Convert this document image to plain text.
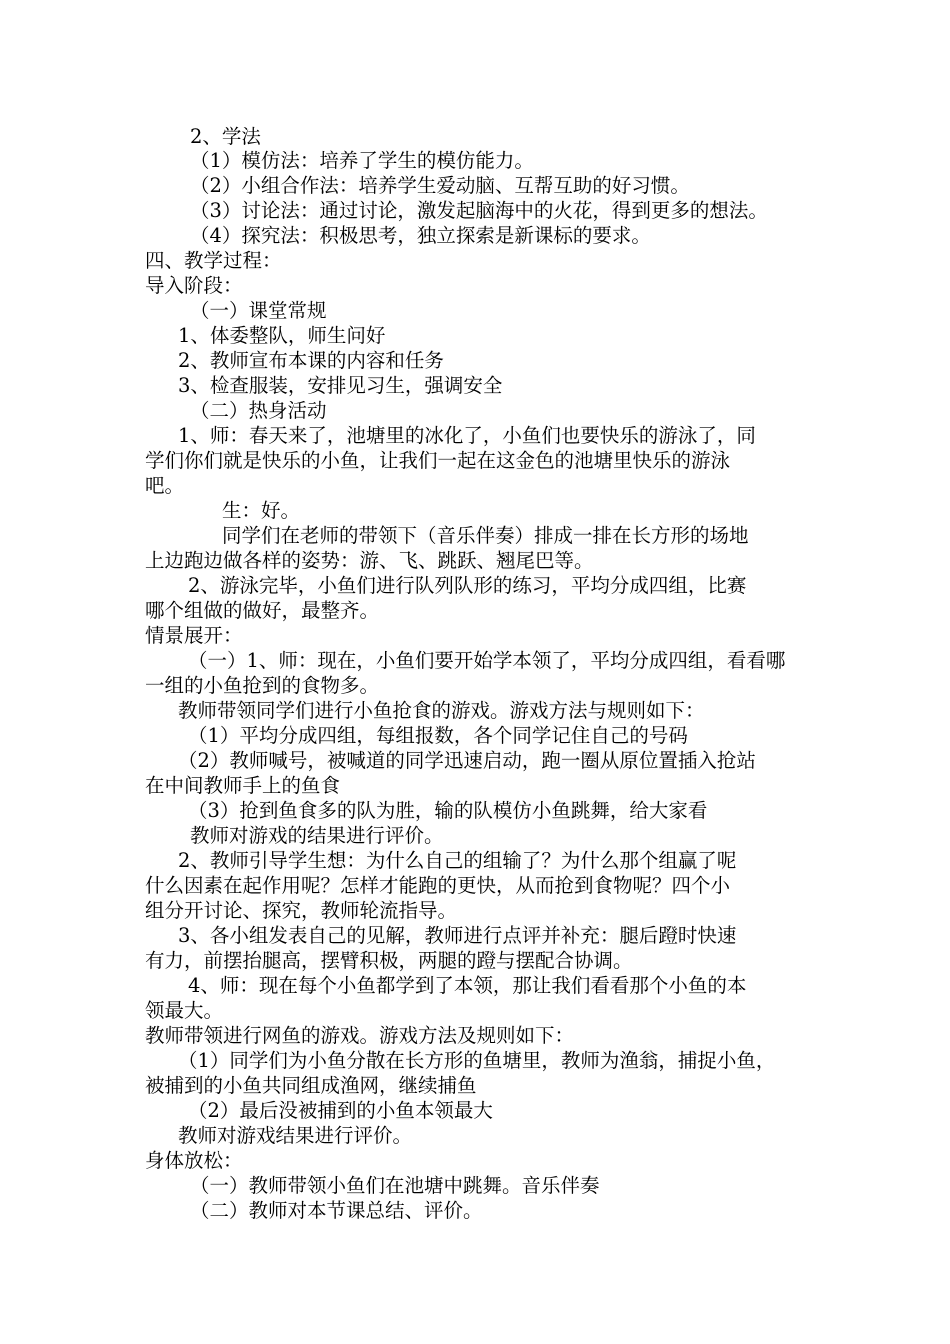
2、学法
（1）模仿法：培养了学生的模仿能力。
（2）小组合作法：培养学生爱动脑、互帮互助的好习惯。
（3）讨论法：通过讨论，激发起脑海中的火花，得到更多的想法。
（4）探究法：积极思考，独立探索是新课标的要求。
四、教学过程：
导入阶段：
（一）课堂常规
1、体委整队，师生问好
2、教师宣布本课的内容和任务
3、检查服装，安排见习生，强调安全
（二）热身活动
1、师：春天来了，池塘里的冰化了，小鱼们也要快乐的游泳了，同
学们你们就是快乐的小鱼，让我们一起在这金色的池塘里快乐的游泳
吧。
生：好。
同学们在老师的带领下（音乐伴奏）排成一排在长方形的场地
上边跑边做各样的姿势：游、飞、跳跃、翘尾巴等。
2、游泳完毕，小鱼们进行队列队形的练习，平均分成四组，比赛
哪个组做的做好，最整齐。
情景展开：
（一）1、师：现在，小鱼们要开始学本领了，平均分成四组，看看哪
一组的小鱼抢到的食物多。
教师带领同学们进行小鱼抢食的游戏。游戏方法与规则如下：
（1）平均分成四组，每组报数，各个同学记住自己的号码
（2）教师喊号，被喊道的同学迅速启动，跑一圈从原位置插入抢站
在中间教师手上的鱼食
（3）抢到鱼食多的队为胜，输的队模仿小鱼跳舞，给大家看
教师对游戏的结果进行评价。
2、教师引导学生想：为什么自己的组输了？为什么那个组赢了呢
什么因素在起作用呢？怎样才能跑的更快，从而抢到食物呢？四个小
组分开讨论、探究，教师轮流指导。
3、各小组发表自己的见解，教师进行点评并补充：腿后蹬时快速
有力，前摆抬腿高，摆臂积极，两腿的蹬与摆配合协调。
4、师：现在每个小鱼都学到了本领，那让我们看看那个小鱼的本
领最大。
教师带领进行网鱼的游戏。游戏方法及规则如下：
（1）同学们为小鱼分散在长方形的鱼塘里，教师为渔翁，捕捉小鱼，
被捕到的小鱼共同组成渔网，继续捕鱼
（2）最后没被捕到的小鱼本领最大
教师对游戏结果进行评价。
身体放松：
（一）教师带领小鱼们在池塘中跳舞。音乐伴奏
（二）教师对本节课总结、评价。
